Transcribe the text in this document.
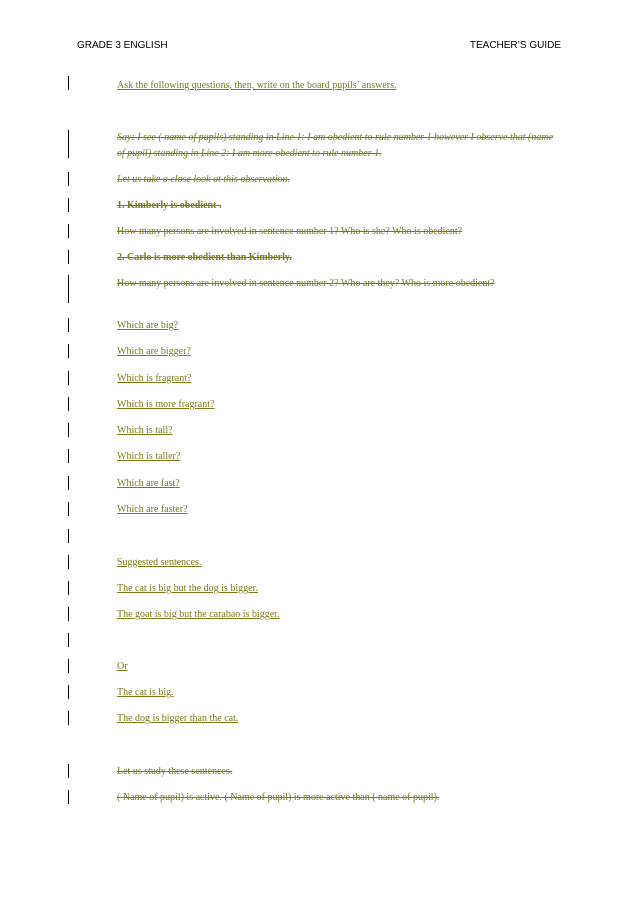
GRADE 3 ENGLISH	TEACHER’S GUIDE
Ask the following questions, then, write on the board pupils’ answers.
Say: I see ( name of pupils) standing in Line 1: I am obedient to rule number 1 however I observe that (name of pupil) standing in Line 2: I am more obedient to rule number 1.
Let us take a close look at this observation.
1. Kimberly is obedient .
How many persons are involved in sentence number 1? Who is she? Who is obedient?
2. Carlo is more obedient than Kimberly.
How many persons are involved in sentence number 2? Who are they? Who is more obedient?
Which are big?
Which are bigger?
Which is fragrant?
Which is more fragrant?
Which is tall?
Which is taller?
Which are fast?
Which are faster?
Suggested sentences.
The cat is big but the dog is bigger.
The goat is big but the carabao is bigger.
Or
The cat is big.
The dog is bigger than the cat.
Let us study these sentences.
( Name of pupil) is active. ( Name of pupil) is more active than ( name of pupil).
